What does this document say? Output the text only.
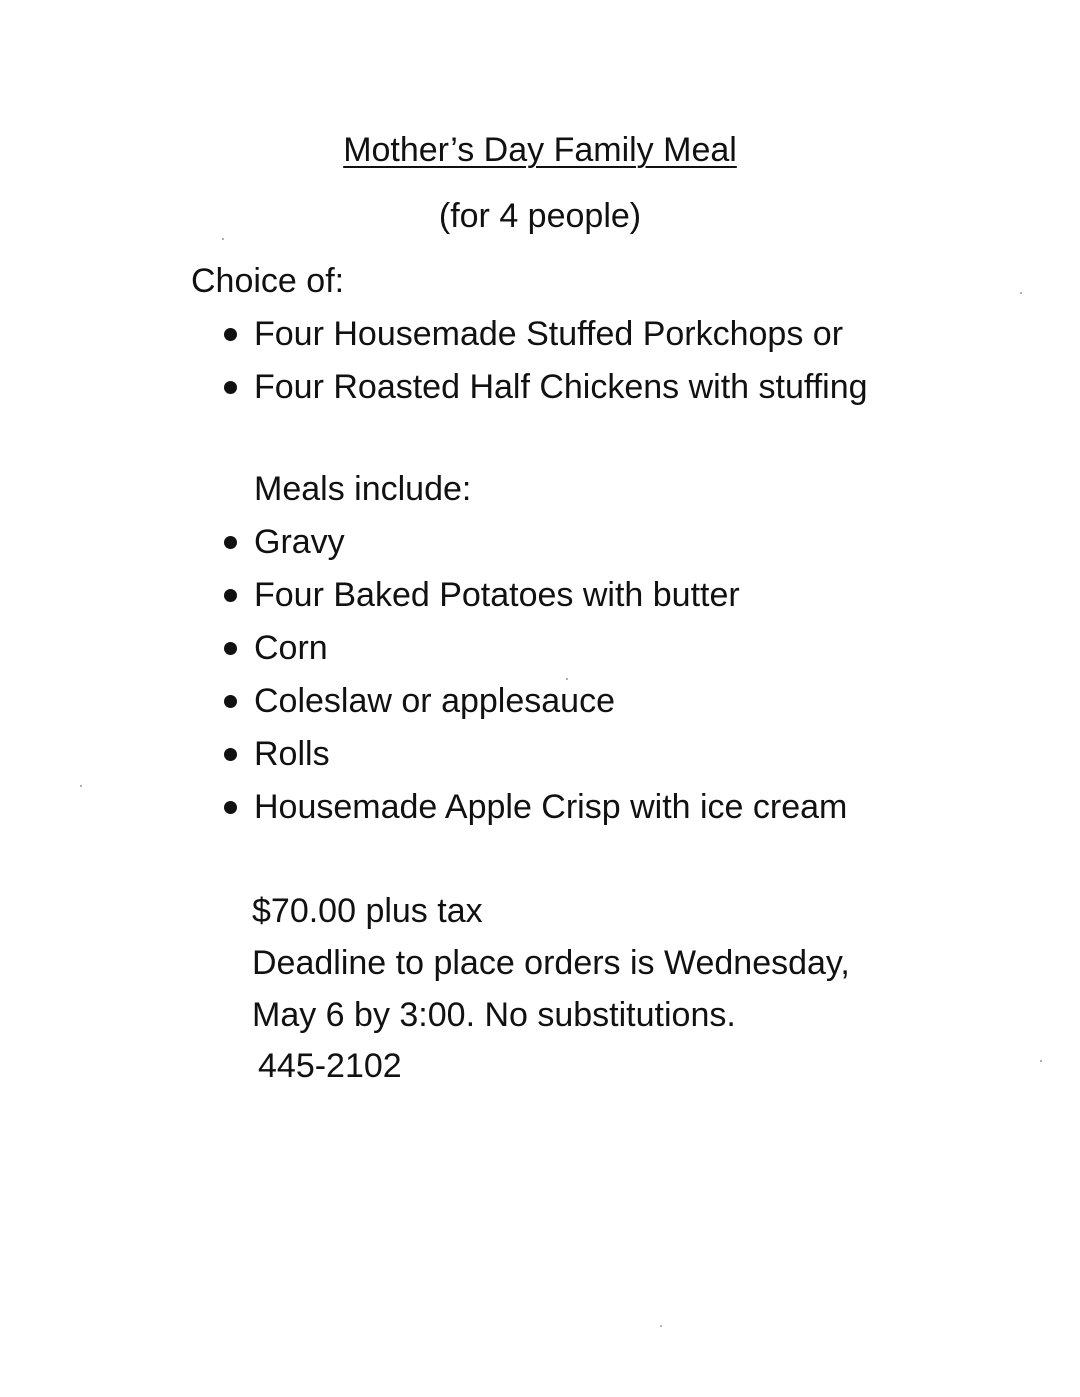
Mother’s Day Family Meal
(for 4 people)
Choice of:
Four Housemade Stuffed Porkchops or
Four Roasted Half Chickens with stuffing
Meals include:
Gravy
Four Baked Potatoes with butter
Corn
Coleslaw or applesauce
Rolls
Housemade Apple Crisp with ice cream
$70.00 plus tax
Deadline to place orders is Wednesday,
May 6 by 3:00. No substitutions.
445-2102
